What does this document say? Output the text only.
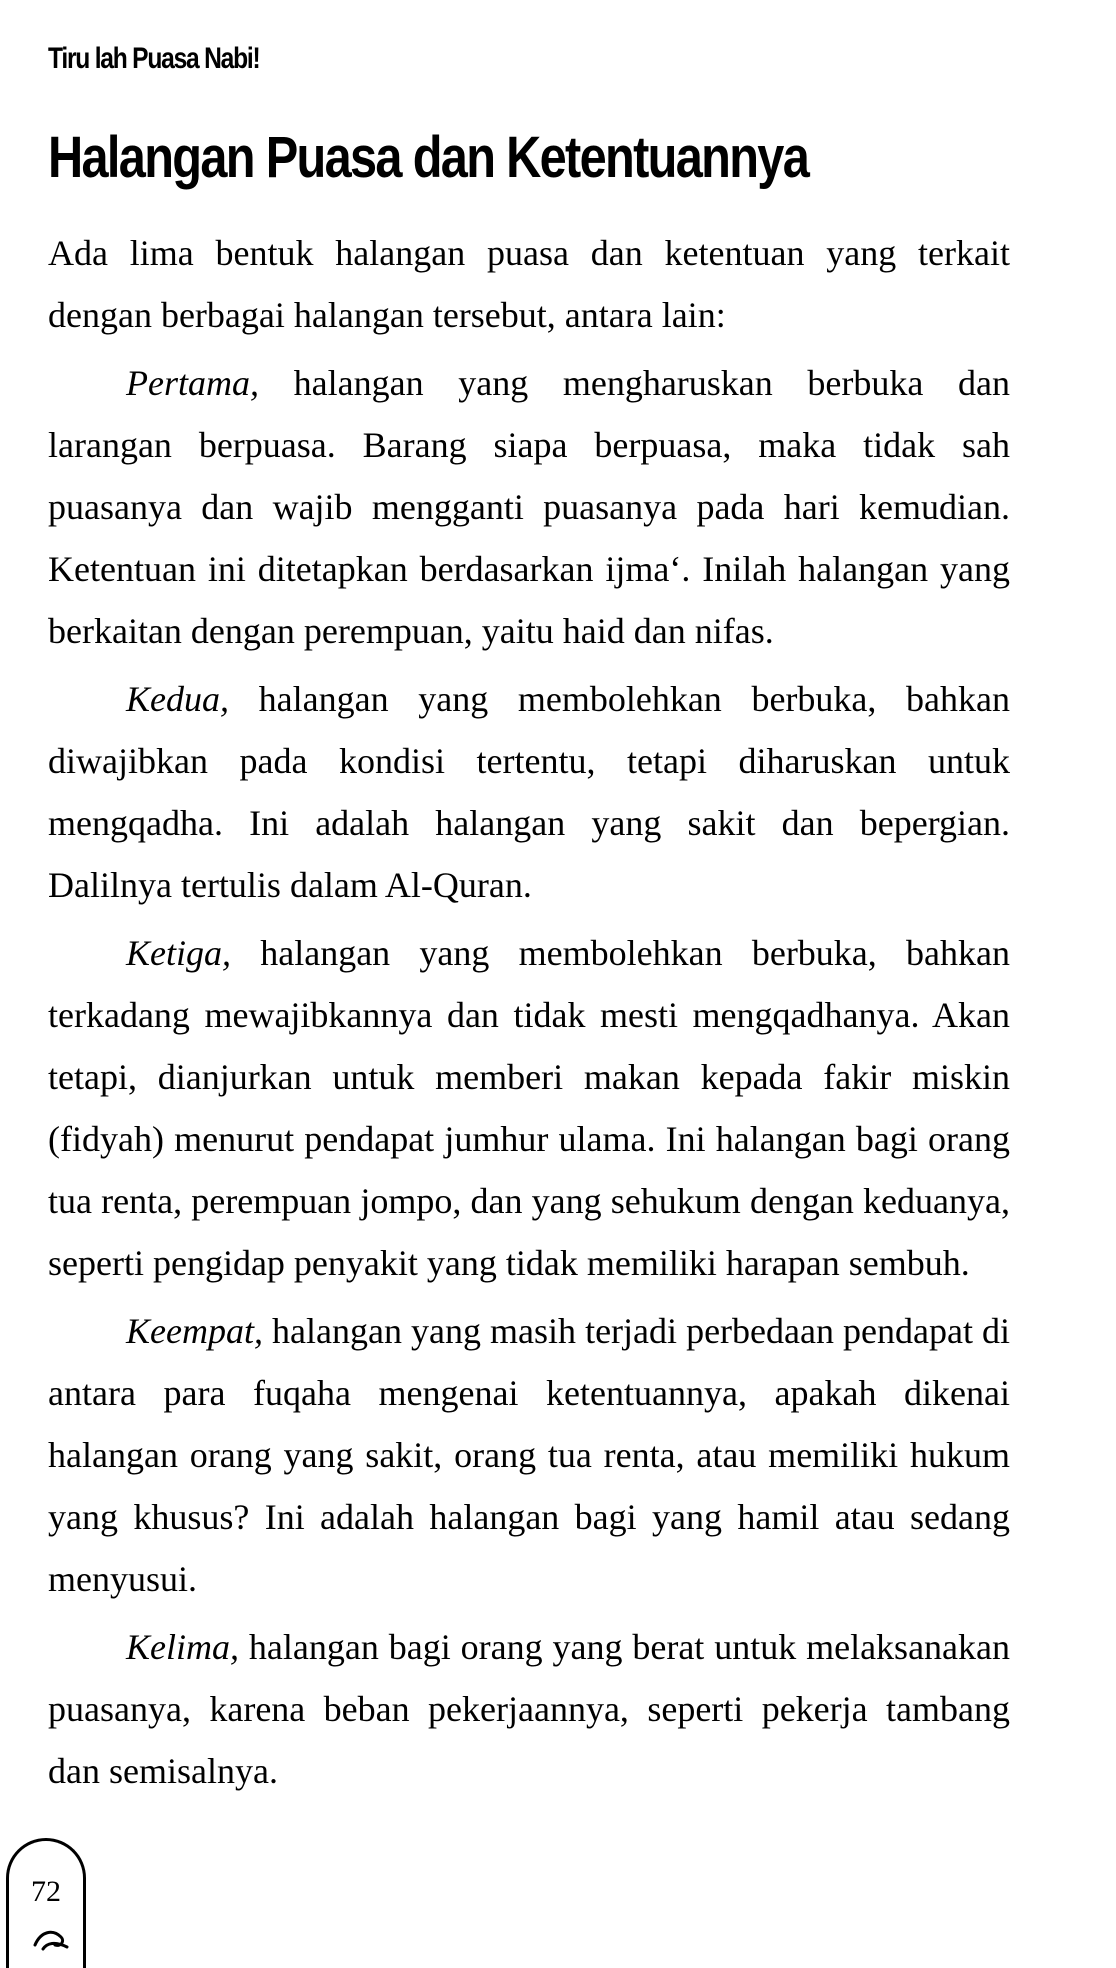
Tiru lah Puasa Nabi!
Halangan Puasa dan Ketentuannya

Ada lima bentuk halangan puasa dan ketentuan yang terkait dengan berbagai halangan tersebut, antara lain:

Pertama, halangan yang mengharuskan berbuka dan larangan berpuasa. Barang siapa berpuasa, maka tidak sah puasanya dan wajib mengganti puasanya pada hari kemudian. Ketentuan ini ditetapkan berdasarkan ijma‘. Inilah halangan yang berkaitan dengan perempuan, yaitu haid dan nifas.

Kedua, halangan yang membolehkan berbuka, bahkan diwajibkan pada kondisi tertentu, tetapi diharuskan untuk mengqadha. Ini adalah halangan yang sakit dan bepergian. Dalilnya tertulis dalam Al-Quran.

Ketiga, halangan yang membolehkan berbuka, bahkan terkadang mewajibkannya dan tidak mesti mengqadhanya. Akan tetapi, dianjurkan untuk memberi makan kepada fakir miskin (fidyah) menurut pendapat jumhur ulama. Ini halangan bagi orang tua renta, perempuan jompo, dan yang sehukum dengan keduanya, seperti pengidap penyakit yang tidak memiliki harapan sembuh.

Keempat, halangan yang masih terjadi perbedaan pendapat di antara para fuqaha mengenai ketentuannya, apakah dikenai halangan orang yang sakit, orang tua renta, atau memiliki hukum yang khusus? Ini adalah halangan bagi yang hamil atau sedang menyusui.

Kelima, halangan bagi orang yang berat untuk melaksanakan puasanya, karena beban pekerjaannya, seperti pekerja tambang dan semisalnya.

72
